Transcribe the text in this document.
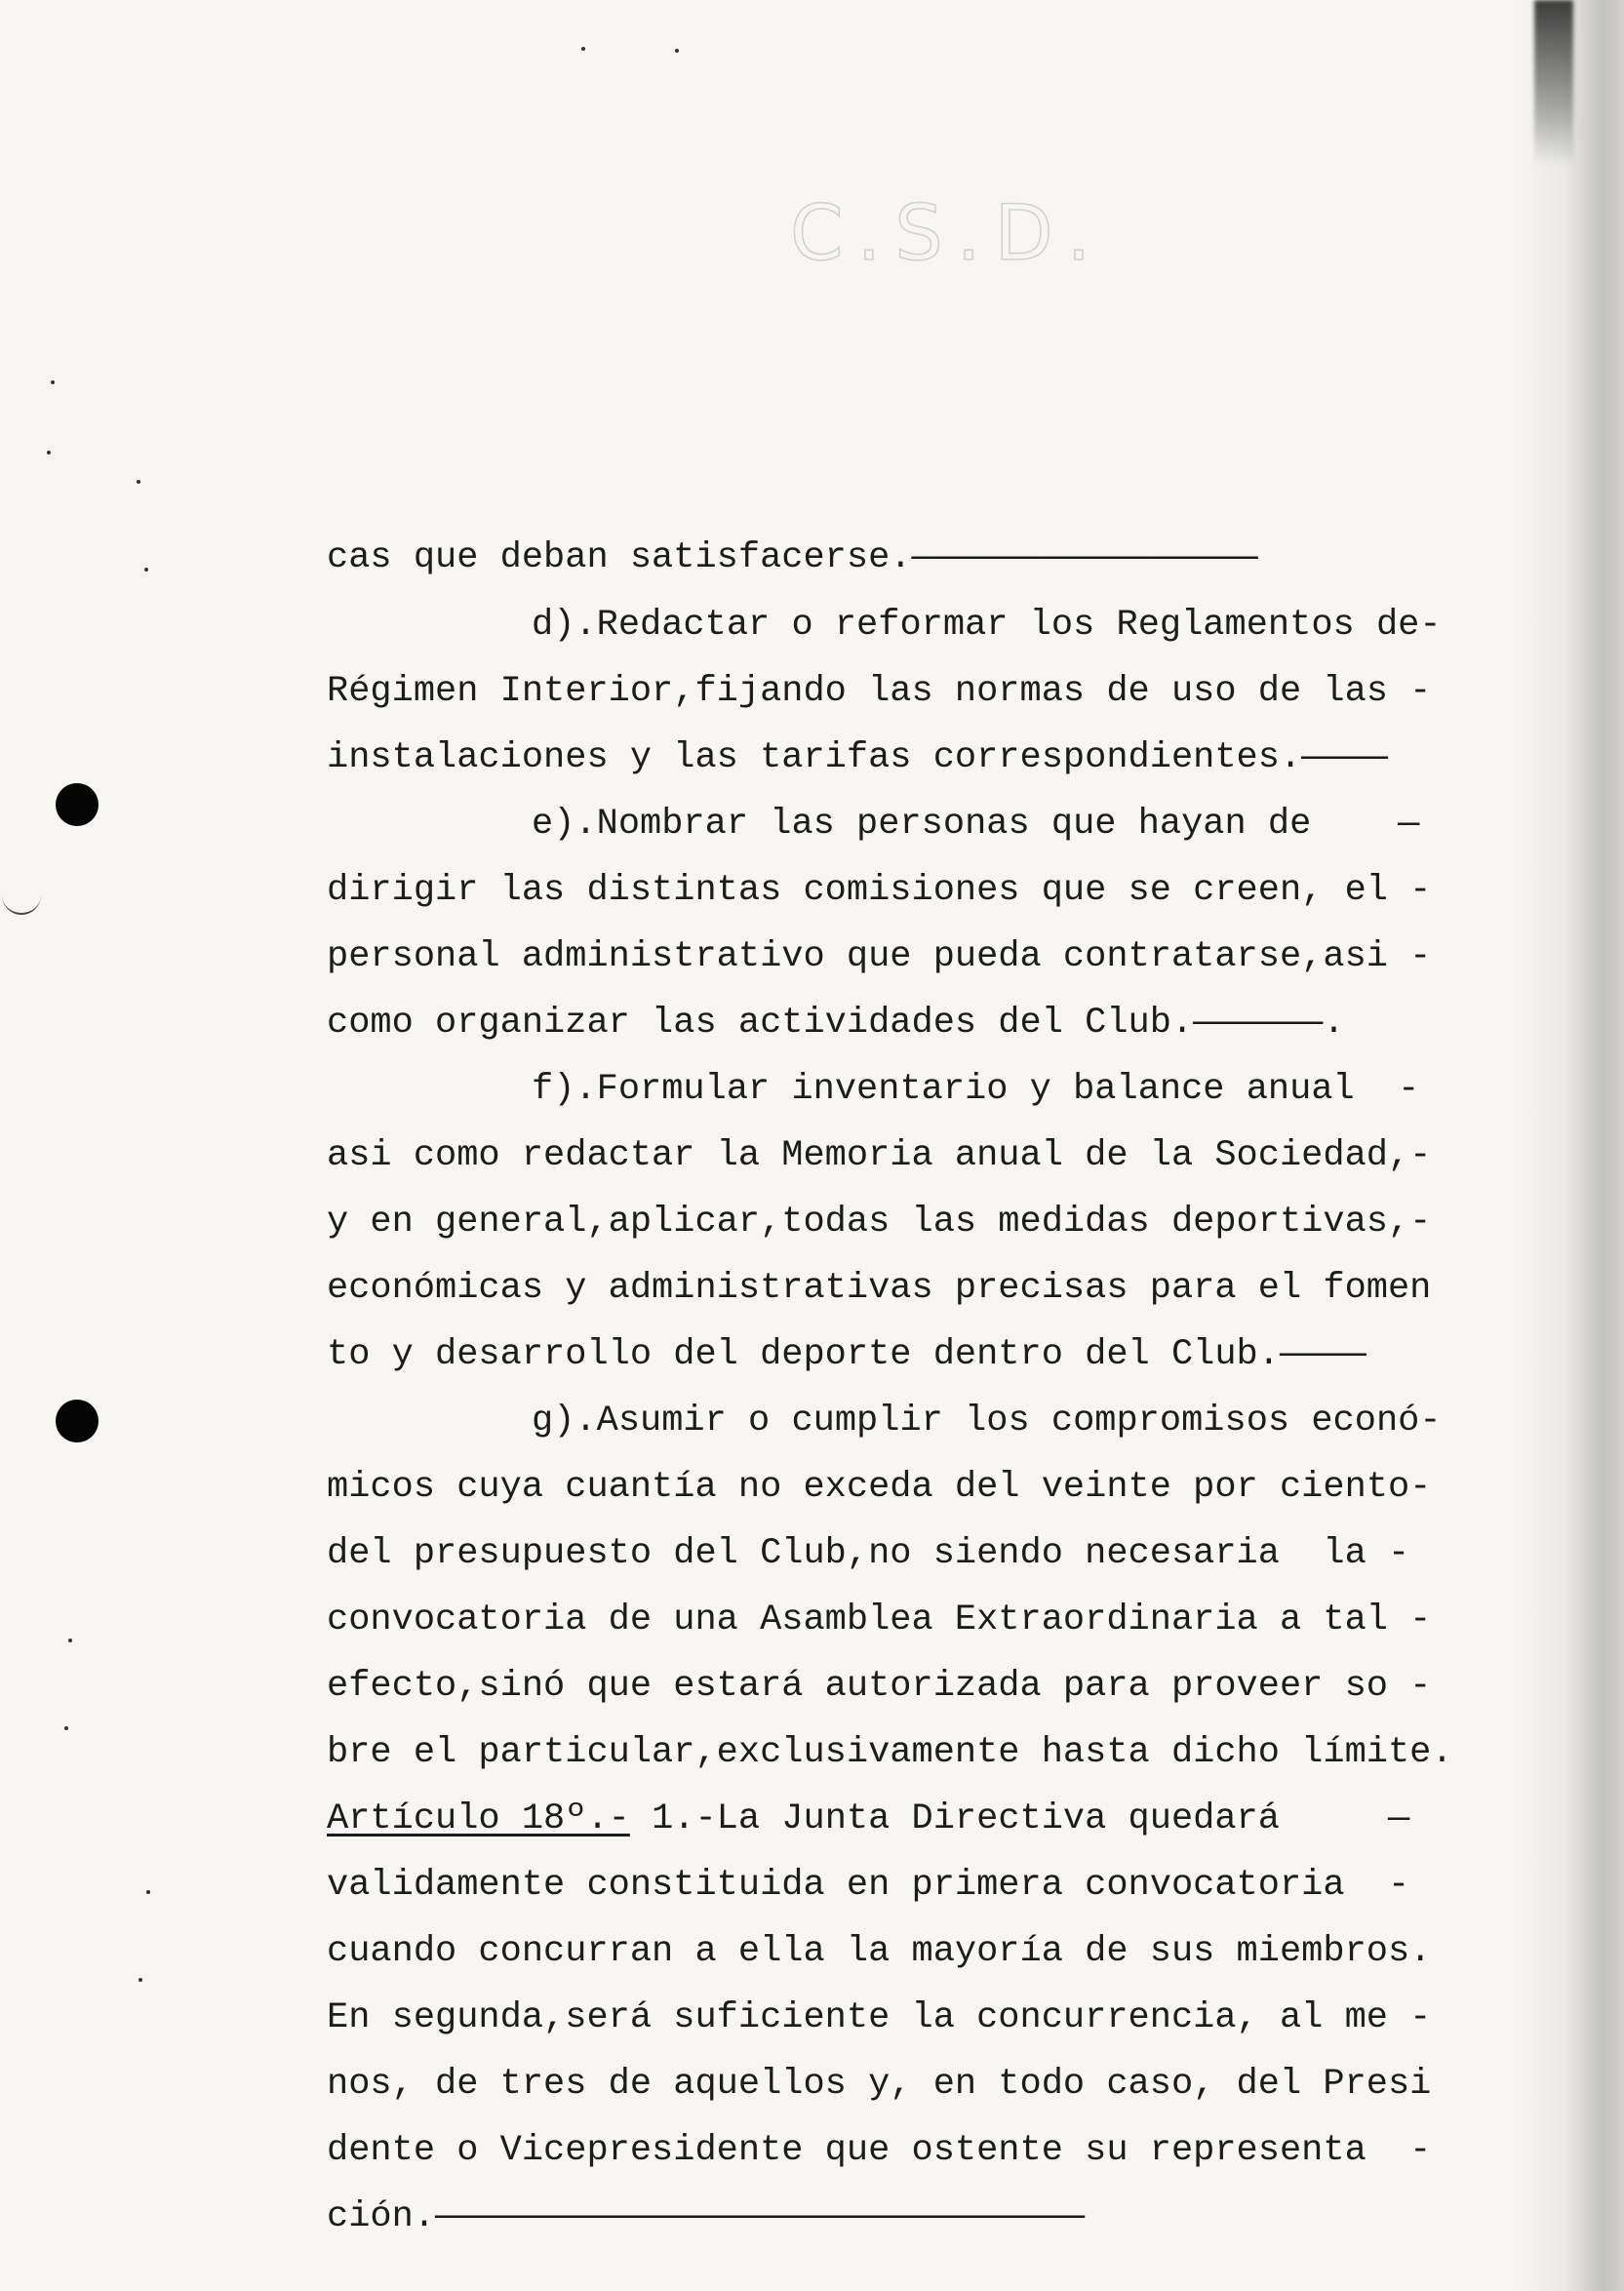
C.S.D.
cas que deban satisfacerse.————————————————
d).Redactar o reformar los Reglamentos de-
Régimen Interior,fijando las normas de uso de las -
instalaciones y las tarifas correspondientes.————
e).Nombrar las personas que hayan de    —
dirigir las distintas comisiones que se creen, el -
personal administrativo que pueda contratarse,asi -
como organizar las actividades del Club.——————.
f).Formular inventario y balance anual  -
asi como redactar la Memoria anual de la Sociedad,-
y en general,aplicar,todas las medidas deportivas,-
económicas y administrativas precisas para el fomen
to y desarrollo del deporte dentro del Club.————
g).Asumir o cumplir los compromisos econó-
micos cuya cuantía no exceda del veinte por ciento-
del presupuesto del Club,no siendo necesaria  la -
convocatoria de una Asamblea Extraordinaria a tal -
efecto,sinó que estará autorizada para proveer so -
bre el particular,exclusivamente hasta dicho límite.
Artículo 18º.- 1.-La Junta Directiva quedará     —
validamente constituida en primera convocatoria  -
cuando concurran a ella la mayoría de sus miembros.
En segunda,será suficiente la concurrencia, al me -
nos, de tres de aquellos y, en todo caso, del Presi
dente o Vicepresidente que ostente su representa  -
ción.——————————————————————————————
